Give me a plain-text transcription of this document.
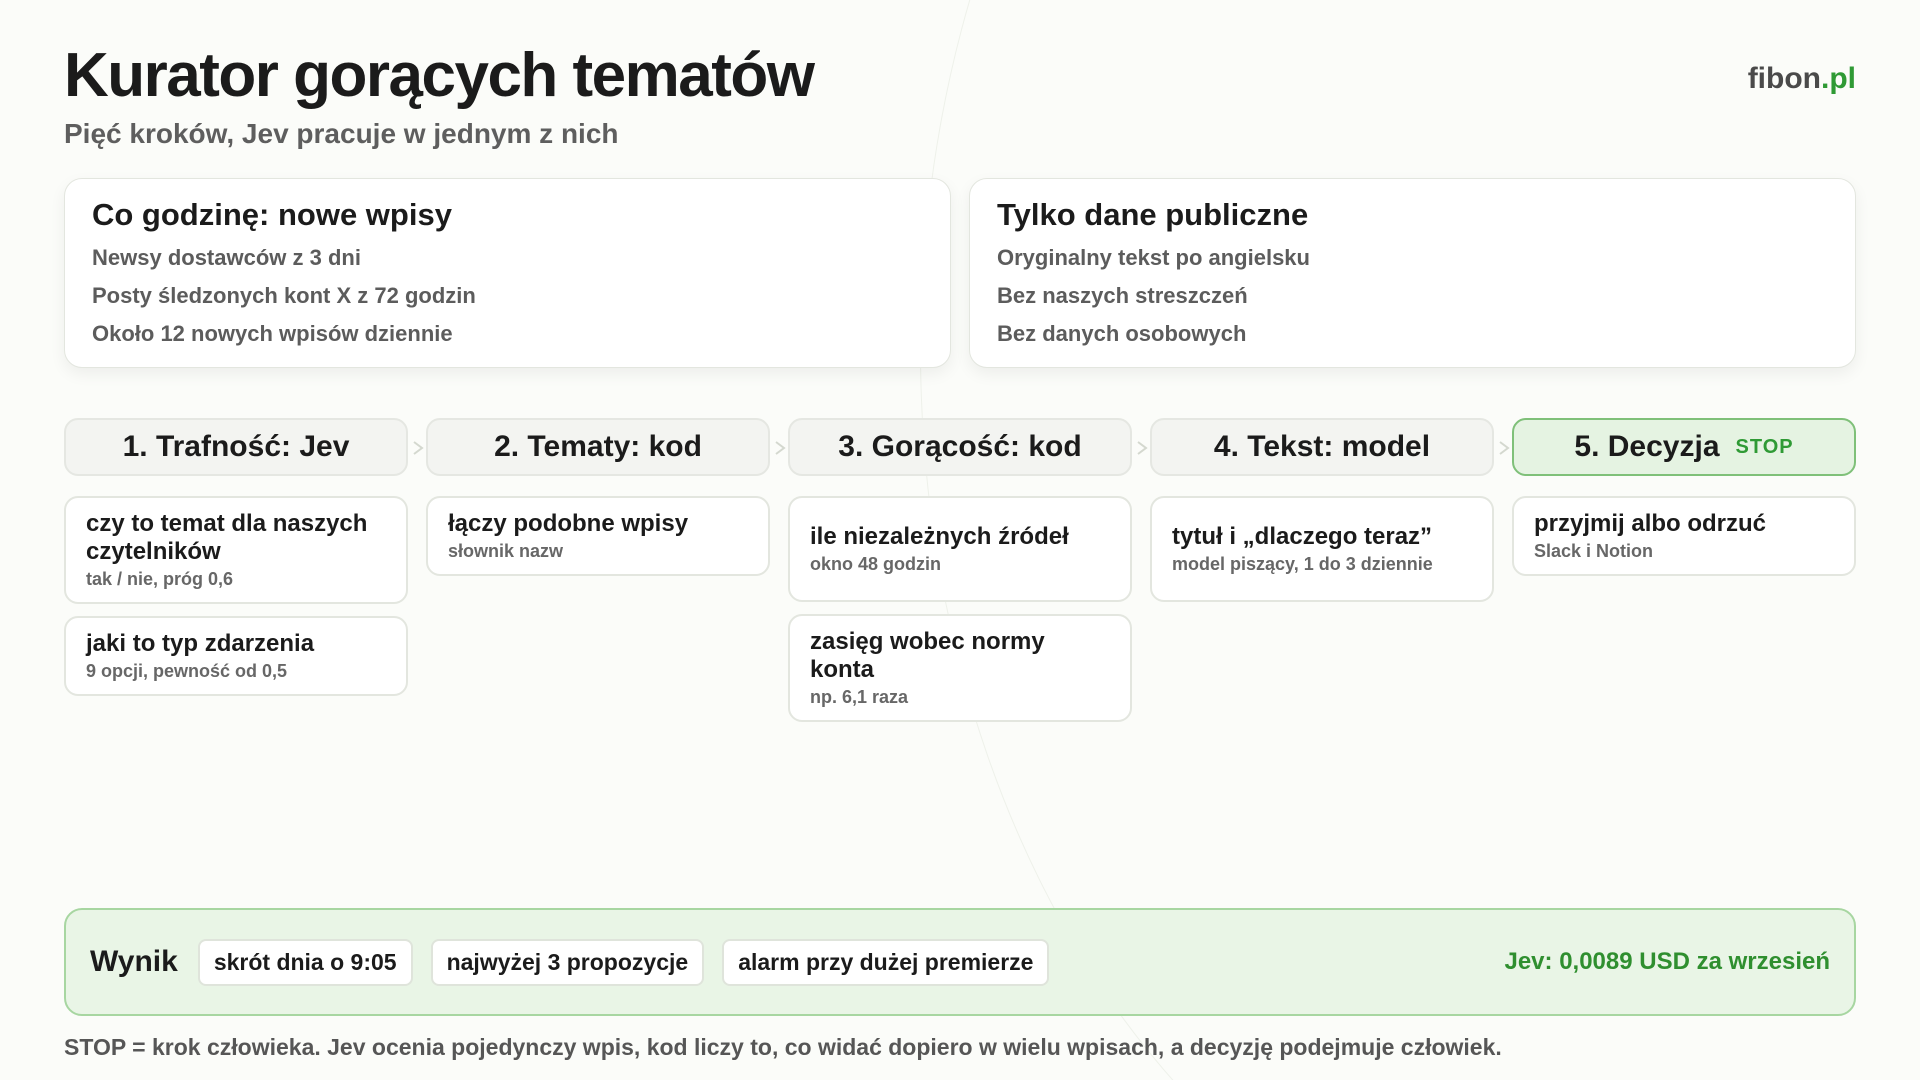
Kurator gorących tematów
Pięć kroków, Jev pracuje w jednym z nich
fibon.pl
Co godzinę: nowe wpisy
Newsy dostawców z 3 dni
Posty śledzonych kont X z 72 godzin
Około 12 nowych wpisów dziennie
Tylko dane publiczne
Oryginalny tekst po angielsku
Bez naszych streszczeń
Bez danych osobowych
1. Trafność: Jev
czy to temat dla naszych czytelników
tak / nie, próg 0,6
jaki to typ zdarzenia
9 opcji, pewność od 0,5
2. Tematy: kod
łączy podobne wpisy
słownik nazw
3. Gorącość: kod
ile niezależnych źródeł
okno 48 godzin
zasięg wobec normy konta
np. 6,1 raza
4. Tekst: model
tytuł i „dlaczego teraz”
model piszący, 1 do 3 dziennie
5. Decyzja STOP
przyjmij albo odrzuć
Slack i Notion
Wynik	skrót dnia o 9:05	najwyżej 3 propozycje	alarm przy dużej premierze	Jev: 0,0089 USD za wrzesień
STOP = krok człowieka. Jev ocenia pojedynczy wpis, kod liczy to, co widać dopiero w wielu wpisach, a decyzję podejmuje człowiek.
